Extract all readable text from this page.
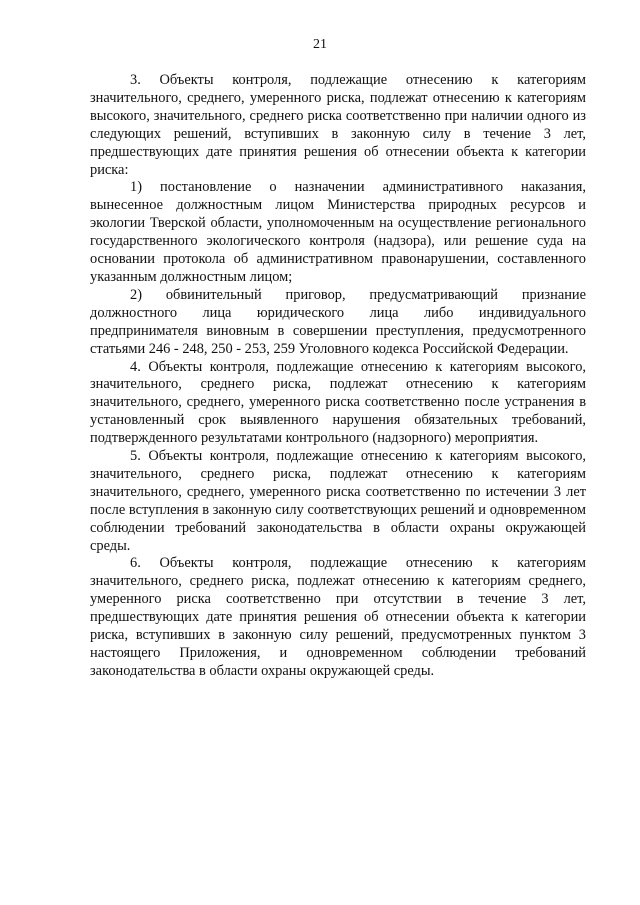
21

3. Объекты контроля, подлежащие отнесению к категориям значительного, среднего, умеренного риска, подлежат отнесению к категориям высокого, значительного, среднего риска соответственно при наличии одного из следующих решений, вступивших в законную силу в течение 3 лет, предшествующих дате принятия решения об отнесении объекта к категории риска:

1) постановление о назначении административного наказания, вынесенное должностным лицом Министерства природных ресурсов и экологии Тверской области, уполномоченным на осуществление регионального государственного экологического контроля (надзора), или решение суда на основании протокола об административном правонарушении, составленного указанным должностным лицом;

2) обвинительный приговор, предусматривающий признание должностного лица юридического лица либо индивидуального предпринимателя виновным в совершении преступления, предусмотренного статьями 246 - 248, 250 - 253, 259 Уголовного кодекса Российской Федерации.

4. Объекты контроля, подлежащие отнесению к категориям высокого, значительного, среднего риска, подлежат отнесению к категориям значительного, среднего, умеренного риска соответственно после устранения в установленный срок выявленного нарушения обязательных требований, подтвержденного результатами контрольного (надзорного) мероприятия.

5. Объекты контроля, подлежащие отнесению к категориям высокого, значительного, среднего риска, подлежат отнесению к категориям значительного, среднего, умеренного риска соответственно по истечении 3 лет после вступления в законную силу соответствующих решений и одновременном соблюдении требований законодательства в области охраны окружающей среды.

6. Объекты контроля, подлежащие отнесению к категориям значительного, среднего риска, подлежат отнесению к категориям среднего, умеренного риска соответственно при отсутствии в течение 3 лет, предшествующих дате принятия решения об отнесении объекта к категории риска, вступивших в законную силу решений, предусмотренных пунктом 3 настоящего Приложения, и одновременном соблюдении требований законодательства в области охраны окружающей среды.
